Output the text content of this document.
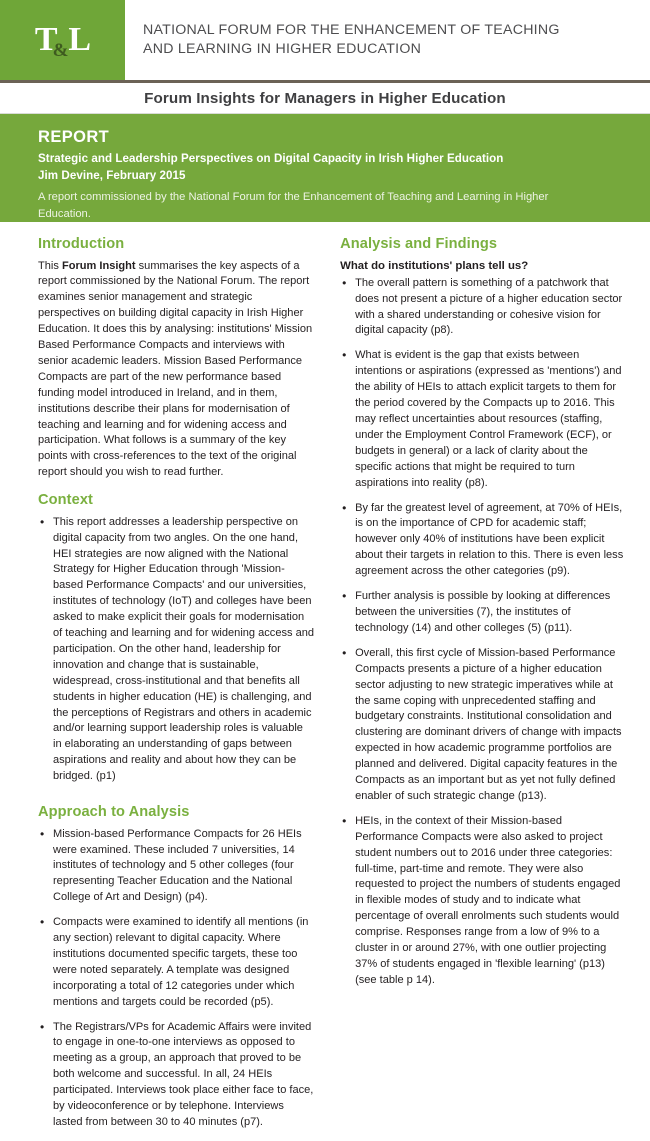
T&L	NATIONAL FORUM FOR THE ENHANCEMENT OF TEACHING
AND LEARNING IN HIGHER EDUCATION
Forum Insights for Managers in Higher Education
REPORT
Strategic and Leadership Perspectives on Digital Capacity in Irish Higher Education
Jim Devine, February 2015
A report commissioned by the National Forum for the Enhancement of Teaching and Learning in Higher Education.
Introduction

This Forum Insight summarises the key aspects of a report commissioned by the National Forum. The report examines senior management and strategic perspectives on building digital capacity in Irish Higher Education. It does this by analysing: institutions' Mission Based Performance Compacts and interviews with senior academic leaders. Mission Based Performance Compacts are part of the new performance based funding model introduced in Ireland, and in them, institutions describe their plans for modernisation of teaching and learning and for widening access and participation. What follows is a summary of the key points with cross-references to the text of the original report should you wish to read further.

Context
• This report addresses a leadership perspective on digital capacity from two angles. On the one hand, HEI strategies are now aligned with the National Strategy for Higher Education through 'Mission-based Performance Compacts' and our universities, institutes of technology (IoT) and colleges have been asked to make explicit their goals for modernisation of teaching and learning and for widening access and participation. On the other hand, leadership for innovation and change that is sustainable, widespread, cross-institutional and that benefits all students in higher education (HE) is challenging, and the perceptions of Registrars and others in academic and/or learning support leadership roles is valuable in elaborating an understanding of gaps between aspirations and reality and about how they can be bridged. (p1)
Approach to Analysis
• Mission-based Performance Compacts for 26 HEIs were examined. These included 7 universities, 14 institutes of technology and 5 other colleges (four representing Teacher Education and the National College of Art and Design) (p4).
• Compacts were examined to identify all mentions (in any section) relevant to digital capacity. Where institutions documented specific targets, these too were noted separately. A template was designed incorporating a total of 12 categories under which mentions and targets could be recorded (p5).
• The Registrars/VPs for Academic Affairs were invited to engage in one-to-one interviews as opposed to meeting as a group, an approach that proved to be both welcome and successful. In all, 24 HEIs participated. Interviews took place either face to face, by videoconference or by telephone. Interviews lasted from between 30 to 40 minutes (p7).
Analysis and Findings
What do institutions' plans tell us?
• The overall pattern is something of a patchwork that does not present a picture of a higher education sector with a shared understanding or cohesive vision for digital capacity (p8).
• What is evident is the gap that exists between intentions or aspirations (expressed as 'mentions') and the ability of HEIs to attach explicit targets to them for the period covered by the Compacts up to 2016. This may reflect uncertainties about resources (staffing, under the Employment Control Framework (ECF), or budgets in general) or a lack of clarity about the specific actions that might be required to turn aspirations into reality (p8).
• By far the greatest level of agreement, at 70% of HEIs, is on the importance of CPD for academic staff; however only 40% of institutions have been explicit about their targets in relation to this. There is even less agreement across the other categories (p9).
• Further analysis is possible by looking at differences between the universities (7), the institutes of technology (14) and other colleges (5) (p11).
• Overall, this first cycle of Mission-based Performance Compacts presents a picture of a higher education sector adjusting to new strategic imperatives while at the same coping with unprecedented staffing and budgetary constraints. Institutional consolidation and clustering are dominant drivers of change with impacts expected in how academic programme portfolios are planned and delivered. Digital capacity features in the Compacts as an important but as yet not fully defined enabler of such strategic change (p13).
• HEIs, in the context of their Mission-based Performance Compacts were also asked to project student numbers out to 2016 under three categories: full-time, part-time and remote. They were also requested to project the numbers of students engaged in flexible modes of study and to indicate what percentage of overall enrolments such students would comprise. Responses range from a low of 9% to a cluster in or around 27%, with one outlier projecting 37% of students engaged in 'flexible learning' (p13) (see table p 14).
